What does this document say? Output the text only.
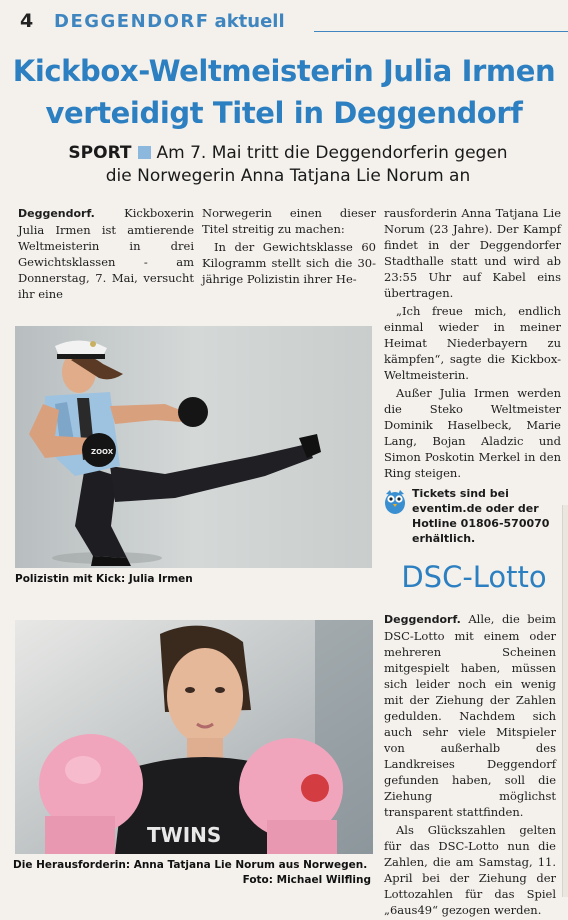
4 DEGGENDORF aktuell
Kickbox-Weltmeisterin Julia Irmen
verteidigt Titel in Deggendorf
SPORT Am 7. Mai tritt die Deggendorferin gegen
die Norwegerin Anna Tatjana Lie Norum an

Deggendorf.	Kickboxerin Julia Irmen ist amtierende Weltmeisterin in drei Gewichtsklassen - am Donnerstag, 7. Mai, versucht ihr eine

Norwegerin einen dieser Titel streitig zu machen:

In der Gewichtsklasse 60 Kilogramm stellt sich die 30-jährige Polizistin ihrer He-

rausforderin Anna Tatjana Lie Norum (23 Jahre). Der Kampf findet in der Deggendorfer Stadthalle statt und wird ab 23:55 Uhr auf Kabel eins übertragen.

„Ich freue mich, endlich einmal wieder in meiner Heimat Niederbayern zu kämpfen“, sagte die Kickbox-Weltmeisterin.

Außer Julia Irmen werden die Steko Weltmeister Dominik Haselbeck, Marie Lang, Bojan Aladzic und Simon Poskotin Merkel in den Ring steigen.

ZOOX
Polizistin mit Kick: Julia Irmen
Tickets sind bei eventim.de oder der Hotline 01806-570070 erhältlich.
DSC-Lotto
TWINS
Die Herausforderin: Anna Tatjana Lie Norum aus Norwegen.
Foto: Michael Wilfling

Deggendorf. Alle, die beim DSC-Lotto mit einem oder mehreren Scheinen mitgespielt haben, müssen sich leider noch ein wenig mit der Ziehung der Zahlen gedulden. Nachdem sich auch sehr viele Mitspieler von außerhalb des Landkreises Deggendorf gefunden haben, soll die Ziehung möglichst transparent stattfinden.

Als Glückszahlen gelten für das DSC-Lotto nun die Zahlen, die am Samstag, 11. April bei der Ziehung der Lottozahlen für das Spiel „6aus49“ gezogen werden.
